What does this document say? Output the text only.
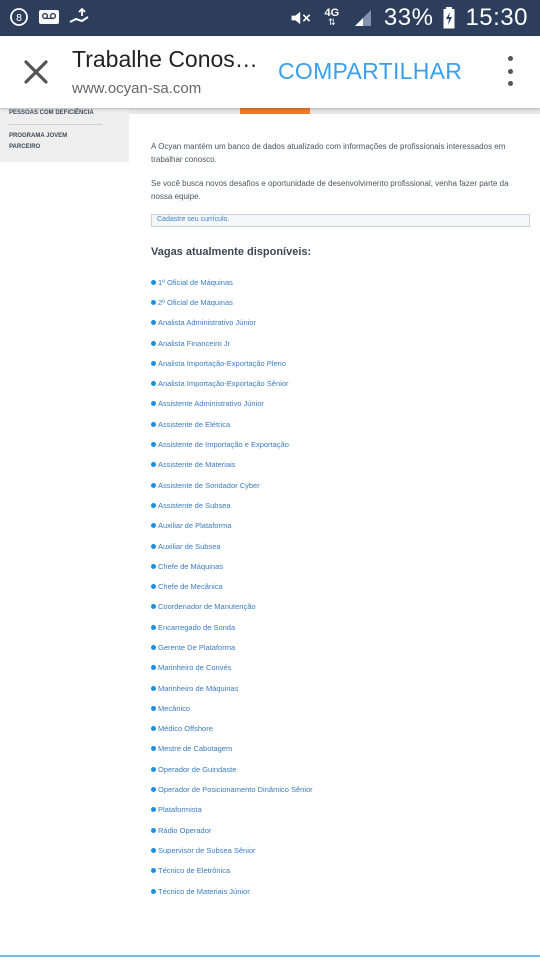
8	4G
⇅ 33% 15:30
Trabalhe Conos…
www.ocyan-sa.com
COMPARTILHAR
PESSOAS COM DEFICIÊNCIA
PROGRAMA JOVEM PARCEIRO	A Ocyan mantém um banco de dados atualizado com informações de profissionais interessados em trabalhar conosco.

Se você busca novos desafios e oportunidade de desenvolvimento profissional, venha fazer parte da nossa equipe.

Cadastre seu currículo.
Vagas atualmente disponíveis:
1º Oficial de Máquinas
2º Oficial de Máquinas
Analista Administrativo Júnior
Analista Financeiro Jr
Analista Importação-Exportação Pleno
Analista Importação-Exportação Sênior
Assistente Administrativo Júnior
Assistente de Elétrica
Assistente de Importação e Exportação
Assistente de Materiais
Assistente de Sondador Cyber
Assistente de Subsea
Auxiliar de Plataforma
Auxiliar de Subsea
Chefe de Máquinas
Chefe de Mecânica
Coordenador de Manutenção
Encarregado de Sonda
Gerente De Plataforma
Marinheiro de Convés
Marinheiro de Máquinas
Mecânico
Médico Offshore
Mestre de Cabotagem
Operador de Guindaste
Operador de Posicionamento Dinâmico Sênior
Plataformista
Rádio Operador
Supervisor de Subsea Sênior
Técnico de Eletrônica
Técnico de Materiais Júnior
